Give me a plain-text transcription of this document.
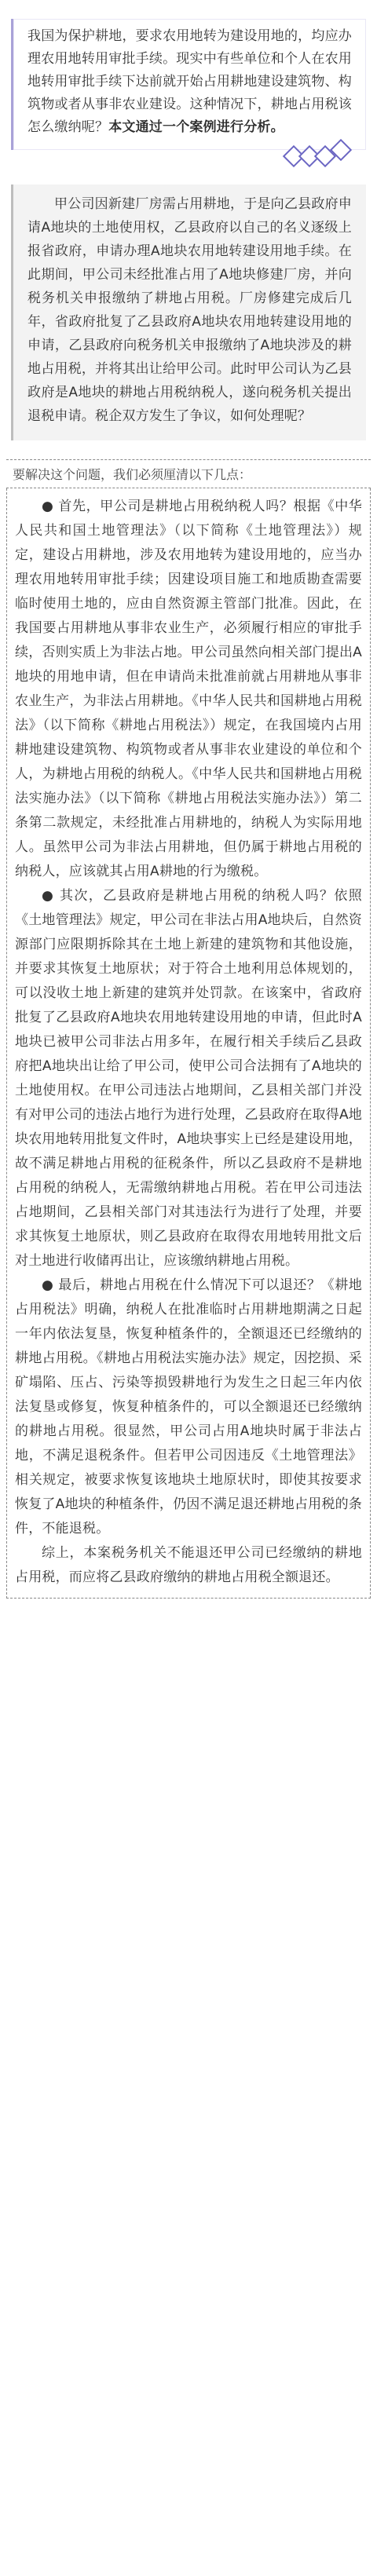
我国为保护耕地，要求农用地转为建设用地的，均应办理农用地转用审批手续。现实中有些单位和个人在农用地转用审批手续下达前就开始占用耕地建设建筑物、构筑物或者从事非农业建设。这种情况下，耕地占用税该怎么缴纳呢？本文通过一个案例进行分析。

甲公司因新建厂房需占用耕地，于是向乙县政府申请A地块的土地使用权，乙县政府以自己的名义逐级上报省政府，申请办理A地块农用地转建设用地手续。在此期间，甲公司未经批准占用了A地块修建厂房，并向税务机关申报缴纳了耕地占用税。厂房修建完成后几年，省政府批复了乙县政府A地块农用地转建设用地的申请，乙县政府向税务机关申报缴纳了A地块涉及的耕地占用税，并将其出让给甲公司。此时甲公司认为乙县政府是A地块的耕地占用税纳税人，遂向税务机关提出退税申请。税企双方发生了争议，如何处理呢？

要解决这个问题，我们必须厘清以下几点：

● 首先，甲公司是耕地占用税纳税人吗？根据《中华人民共和国土地管理法》（以下简称《土地管理法》）规定，建设占用耕地，涉及农用地转为建设用地的，应当办理农用地转用审批手续；因建设项目施工和地质勘查需要临时使用土地的，应由自然资源主管部门批准。因此，在我国要占用耕地从事非农业生产，必须履行相应的审批手续，否则实质上为非法占地。甲公司虽然向相关部门提出A地块的用地申请，但在申请尚未批准前就占用耕地从事非农业生产，为非法占用耕地。《中华人民共和国耕地占用税法》（以下简称《耕地占用税法》）规定，在我国境内占用耕地建设建筑物、构筑物或者从事非农业建设的单位和个人，为耕地占用税的纳税人。《中华人民共和国耕地占用税法实施办法》（以下简称《耕地占用税法实施办法》）第二条第二款规定，未经批准占用耕地的，纳税人为实际用地人。虽然甲公司为非法占用耕地，但仍属于耕地占用税的纳税人，应该就其占用A耕地的行为缴税。

● 其次，乙县政府是耕地占用税的纳税人吗？依照《土地管理法》规定，甲公司在非法占用A地块后，自然资源部门应限期拆除其在土地上新建的建筑物和其他设施，并要求其恢复土地原状；对于符合土地利用总体规划的，可以没收土地上新建的建筑并处罚款。在该案中，省政府批复了乙县政府A地块农用地转建设用地的申请，但此时A地块已被甲公司非法占用多年，在履行相关手续后乙县政府把A地块出让给了甲公司，使甲公司合法拥有了A地块的土地使用权。在甲公司违法占地期间，乙县相关部门并没有对甲公司的违法占地行为进行处理，乙县政府在取得A地块农用地转用批复文件时，A地块事实上已经是建设用地，故不满足耕地占用税的征税条件，所以乙县政府不是耕地占用税的纳税人，无需缴纳耕地占用税。若在甲公司违法占地期间，乙县相关部门对其违法行为进行了处理，并要求其恢复土地原状，则乙县政府在取得农用地转用批文后对土地进行收储再出让，应该缴纳耕地占用税。

● 最后，耕地占用税在什么情况下可以退还？《耕地占用税法》明确，纳税人在批准临时占用耕地期满之日起一年内依法复垦，恢复种植条件的，全额退还已经缴纳的耕地占用税。《耕地占用税法实施办法》规定，因挖损、采矿塌陷、压占、污染等损毁耕地行为发生之日起三年内依法复垦或修复，恢复种植条件的，可以全额退还已经缴纳的耕地占用税。很显然，甲公司占用A地块时属于非法占地，不满足退税条件。但若甲公司因违反《土地管理法》相关规定，被要求恢复该地块土地原状时，即使其按要求恢复了A地块的种植条件，仍因不满足退还耕地占用税的条件，不能退税。

综上，本案税务机关不能退还甲公司已经缴纳的耕地占用税，而应将乙县政府缴纳的耕地占用税全额退还。
